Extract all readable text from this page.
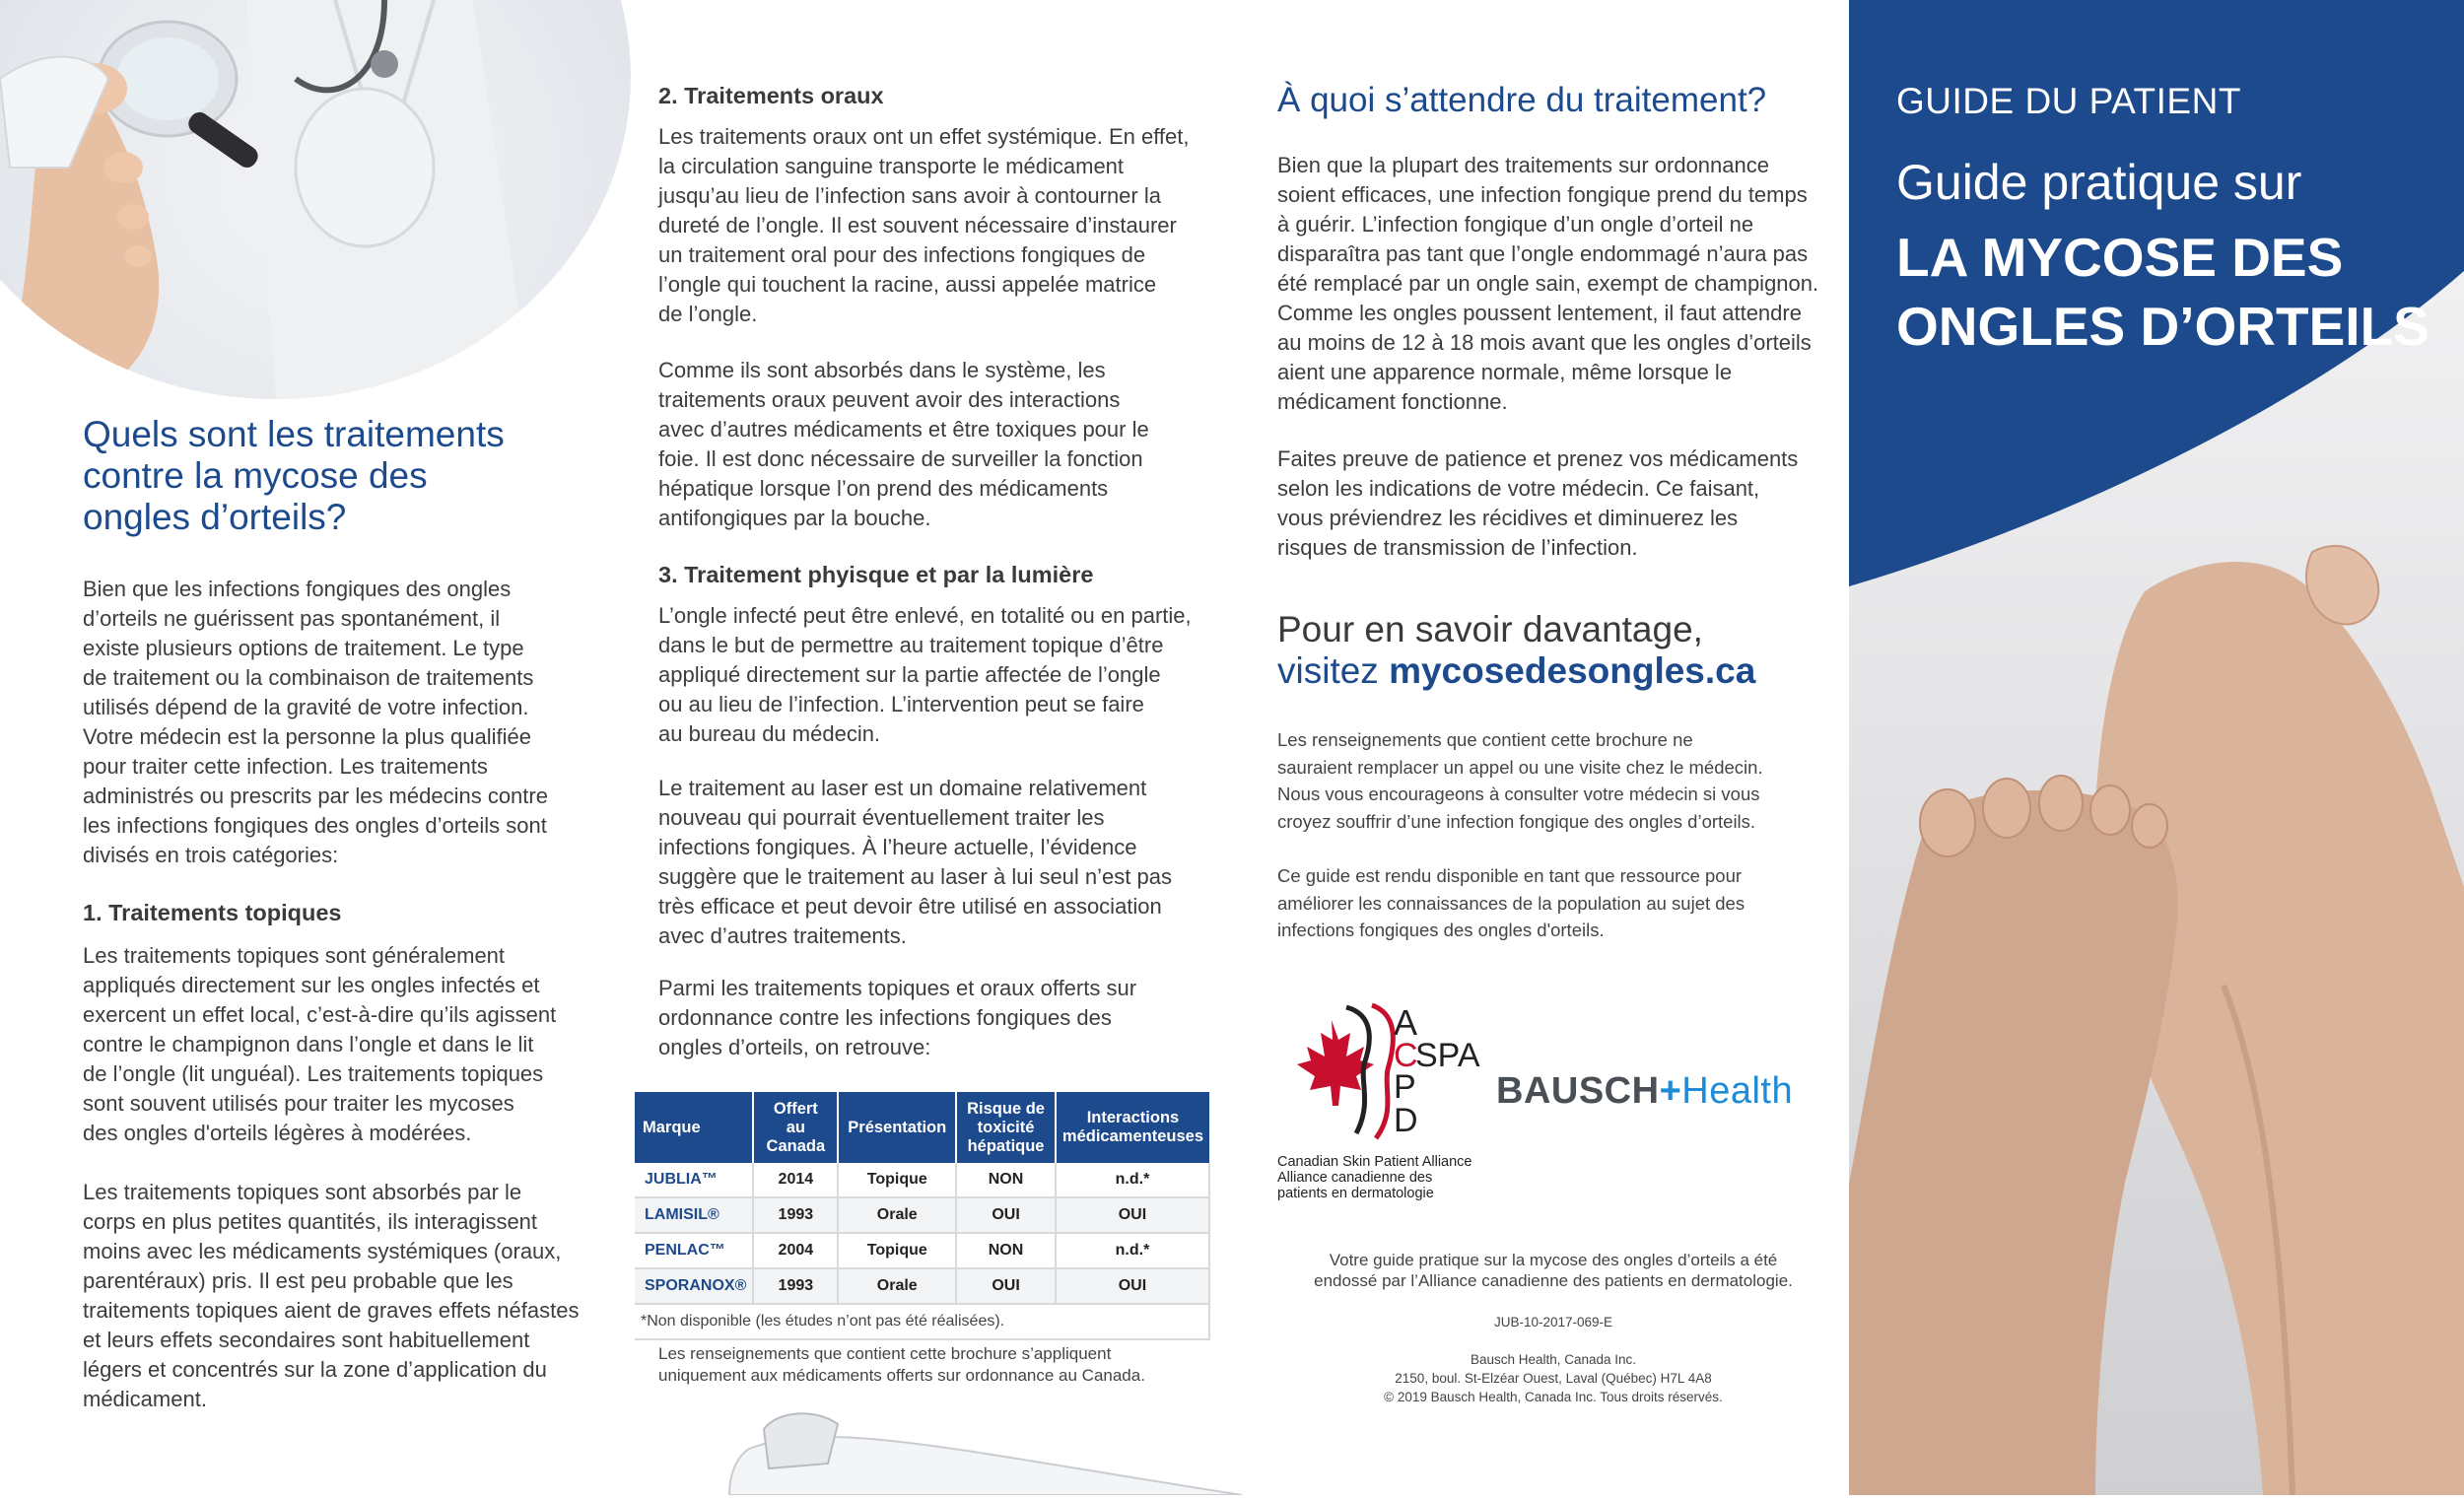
Quels sont les traitements
contre la mycose des
ongles d’orteils?
Bien que les infections fongiques des ongles
d’orteils ne guérissent pas spontanément, il
existe plusieurs options de traitement. Le type
de traitement ou la combinaison de traitements
utilisés dépend de la gravité de votre infection.
Votre médecin est la personne la plus qualifiée
pour traiter cette infection. Les traitements
administrés ou prescrits par les médecins contre
les infections fongiques des ongles d’orteils sont
divisés en trois catégories:
1. Traitements topiques
Les traitements topiques sont généralement
appliqués directement sur les ongles infectés et
exercent un effet local, c’est-à-dire qu’ils agissent
contre le champignon dans l’ongle et dans le lit
de l’ongle (lit unguéal). Les traitements topiques
sont souvent utilisés pour traiter les mycoses
des ongles d'orteils légères à modérées.
Les traitements topiques sont absorbés par le
corps en plus petites quantités, ils interagissent
moins avec les médicaments systémiques (oraux,
parentéraux) pris. Il est peu probable que les
traitements topiques aient de graves effets néfastes
et leurs effets secondaires sont habituellement
légers et concentrés sur la zone d’application du
médicament.
2. Traitements oraux
Les traitements oraux ont un effet systémique. En effet,
la circulation sanguine transporte le médicament
jusqu’au lieu de l’infection sans avoir à contourner la
dureté de l’ongle. Il est souvent nécessaire d’instaurer
un traitement oral pour des infections fongiques de
l’ongle qui touchent la racine, aussi appelée matrice
de l’ongle.
Comme ils sont absorbés dans le système, les
traitements oraux peuvent avoir des interactions
avec d’autres médicaments et être toxiques pour le
foie. Il est donc nécessaire de surveiller la fonction
hépatique lorsque l’on prend des médicaments
antifongiques par la bouche.
3. Traitement phyisque et par la lumière
L’ongle infecté peut être enlevé, en totalité ou en partie,
dans le but de permettre au traitement topique d’être
appliqué directement sur la partie affectée de l’ongle
ou au lieu de l’infection. L’intervention peut se faire
au bureau du médecin.
Le traitement au laser est un domaine relativement
nouveau qui pourrait éventuellement traiter les
infections fongiques. À l’heure actuelle, l’évidence
suggère que le traitement au laser à lui seul n’est pas
très efficace et peut devoir être utilisé en association
avec d’autres traitements.
Parmi les traitements topiques et oraux offerts sur
ordonnance contre les infections fongiques des
ongles d’orteils, on retrouve:
Marque	Offert
au Canada	Présentation	Risque de
toxicité
hépatique	Interactions
médicamenteuses
JUBLIA™	2014	Topique	NON	n.d.*
LAMISIL®	1993	Orale	OUI	OUI
PENLAC™	2004	Topique	NON	n.d.*
SPORANOX®	1993	Orale	OUI	OUI
*Non disponible (les études n’ont pas été réalisées).				
Les renseignements que contient cette brochure s’appliquent
uniquement aux médicaments offerts sur ordonnance au Canada.
À quoi s’attendre du traitement?
Bien que la plupart des traitements sur ordonnance
soient efficaces, une infection fongique prend du temps
à guérir. L’infection fongique d’un ongle d’orteil ne
disparaîtra pas tant que l’ongle endommagé n’aura pas
été remplacé par un ongle sain, exempt de champignon.
Comme les ongles poussent lentement, il faut attendre
au moins de 12 à 18 mois avant que les ongles d’orteils
aient une apparence normale, même lorsque le
médicament fonctionne.
Faites preuve de patience et prenez vos médicaments
selon les indications de votre médecin. Ce faisant,
vous préviendrez les récidives et diminuerez les
risques de transmission de l’infection.
Pour en savoir davantage,
visitez mycosedesongles.ca
Les renseignements que contient cette brochure ne
sauraient remplacer un appel ou une visite chez le médecin.
Nous vous encourageons à consulter votre médecin si vous
croyez souffrir d’une infection fongique des ongles d’orteils.
Ce guide est rendu disponible en tant que ressource pour
améliorer les connaissances de la population au sujet des
infections fongiques des ongles d'orteils.
A
C
SPA
P
D
Canadian Skin Patient Alliance
Alliance canadienne des
patients en dermatologie
BAUSCH+Health
Votre guide pratique sur la mycose des ongles d’orteils a été
endossé par l’Alliance canadienne des patients en dermatologie.
JUB-10-2017-069-E
Bausch Health, Canada Inc.
2150, boul. St-Elzéar Ouest, Laval (Québec) H7L 4A8
© 2019 Bausch Health, Canada Inc. Tous droits réservés.
GUIDE DU PATIENT
Guide pratique sur
LA MYCOSE DES
ONGLES D’ORTEILS
